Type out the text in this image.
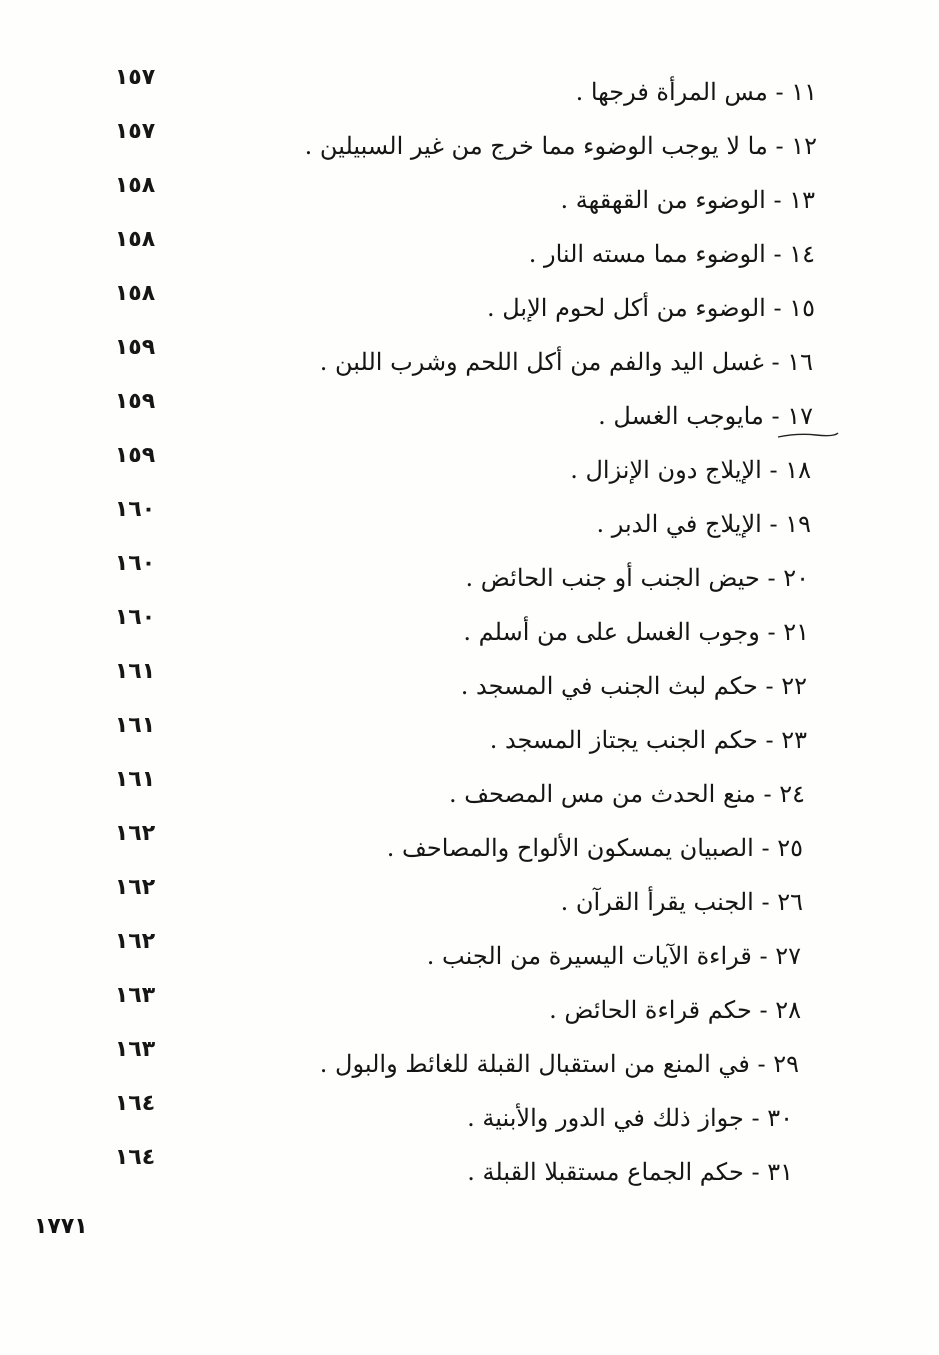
١١ - مس المرأة فرجها .
١٥٧
١٢ - ما لا يوجب الوضوء مما خرج من غير السبيلين .
١٥٧
١٣ - الوضوء من القهقهة .
١٥٨
١٤ - الوضوء مما مسته النار .
١٥٨
١٥ - الوضوء من أكل لحوم الإبل .
١٥٨
١٦ - غسل اليد والفم من أكل اللحم وشرب اللبن .
١٥٩
١٧ - مايوجب الغسل .
١٥٩
١٨ - الإيلاج دون الإنزال .
١٥٩
١٩ - الإيلاج في الدبر .
١٦٠
٢٠ - حيض الجنب أو جنب الحائض .
١٦٠
٢١ - وجوب الغسل على من أسلم .
١٦٠
٢٢ - حكم لبث الجنب في المسجد .
١٦١
٢٣ - حكم الجنب يجتاز المسجد .
١٦١
٢٤ - منع الحدث من مس المصحف .
١٦١
٢٥ - الصبيان يمسكون الألواح والمصاحف .
١٦٢
٢٦ - الجنب يقرأ القرآن .
١٦٢
٢٧ - قراءة الآيات اليسيرة من الجنب .
١٦٢
٢٨ - حكم قراءة الحائض .
١٦٣
٢٩ - في المنع من استقبال القبلة للغائط والبول .
١٦٣
٣٠ - جواز ذلك في الدور والأبنية .
١٦٤
٣١ - حكم الجماع مستقبلا القبلة .
١٦٤
١٧٧١
